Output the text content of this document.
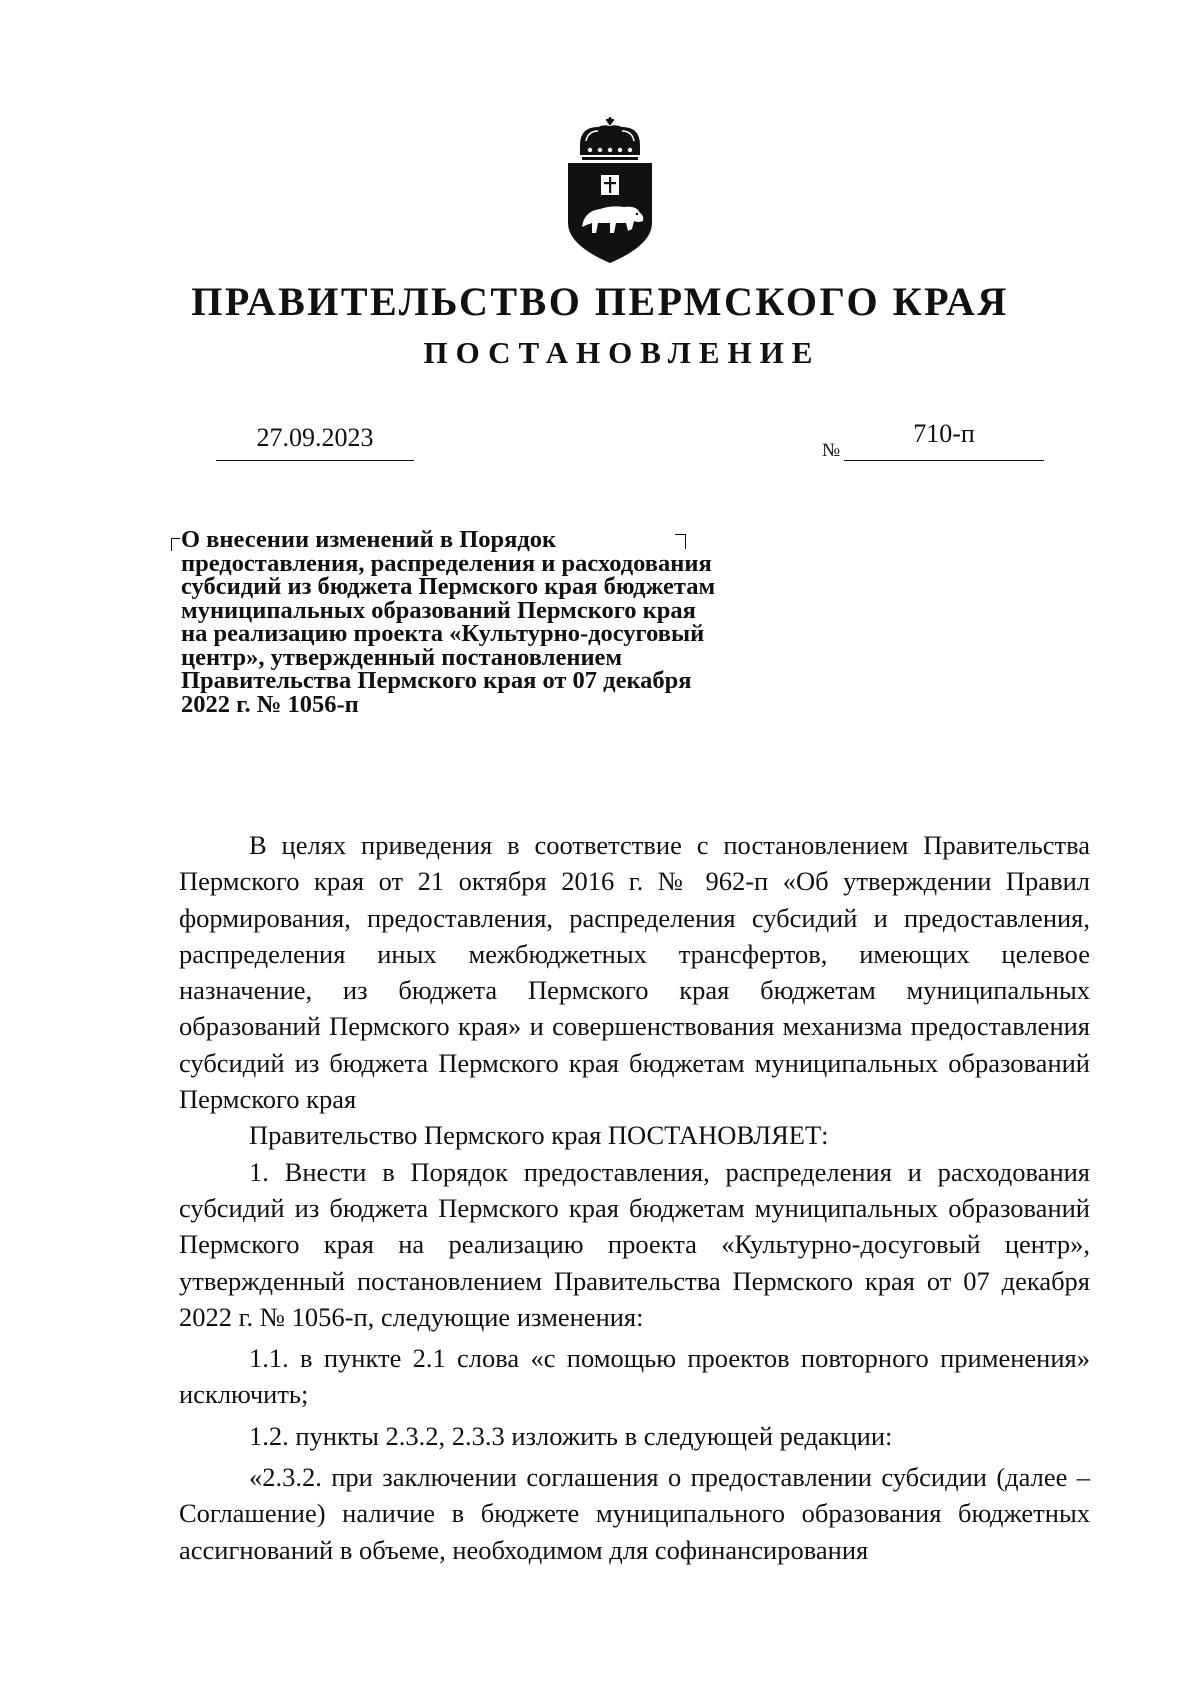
ПРАВИТЕЛЬСТВО ПЕРМСКОГО КРАЯ
ПОСТАНОВЛЕНИЕ
27.09.2023	№
710-п
О внесении изменений в Порядок
предоставления, распределения и расходования
субсидий из бюджета Пермского края бюджетам
муниципальных образований Пермского края
на реализацию проекта «Культурно-досуговый
центр», утвержденный постановлением
Правительства Пермского края от 07 декабря
2022 г. № 1056-п

В целях приведения в соответствие с постановлением Правительства Пермского края от 21 октября 2016 г. № 962-п «Об утверждении Правил формирования, предоставления, распределения субсидий и предоставления, распределения иных межбюджетных трансфертов, имеющих целевое назначение, из бюджета Пермского края бюджетам муниципальных образований Пермского края» и совершенствования механизма предоставления субсидий из бюджета Пермского края бюджетам муниципальных образований Пермского края

Правительство Пермского края ПОСТАНОВЛЯЕТ:

1. Внести в Порядок предоставления, распределения и расходования субсидий из бюджета Пермского края бюджетам муниципальных образований Пермского края на реализацию проекта «Культурно-досуговый центр», утвержденный постановлением Правительства Пермского края от 07 декабря 2022 г. № 1056-п, следующие изменения:

1.1. в пункте 2.1 слова «с помощью проектов повторного применения» исключить;

1.2. пункты 2.3.2, 2.3.3 изложить в следующей редакции:

«2.3.2. при заключении соглашения о предоставлении субсидии (далее – Соглашение) наличие в бюджете муниципального образования бюджетных ассигнований в объеме, необходимом для софинансирования
